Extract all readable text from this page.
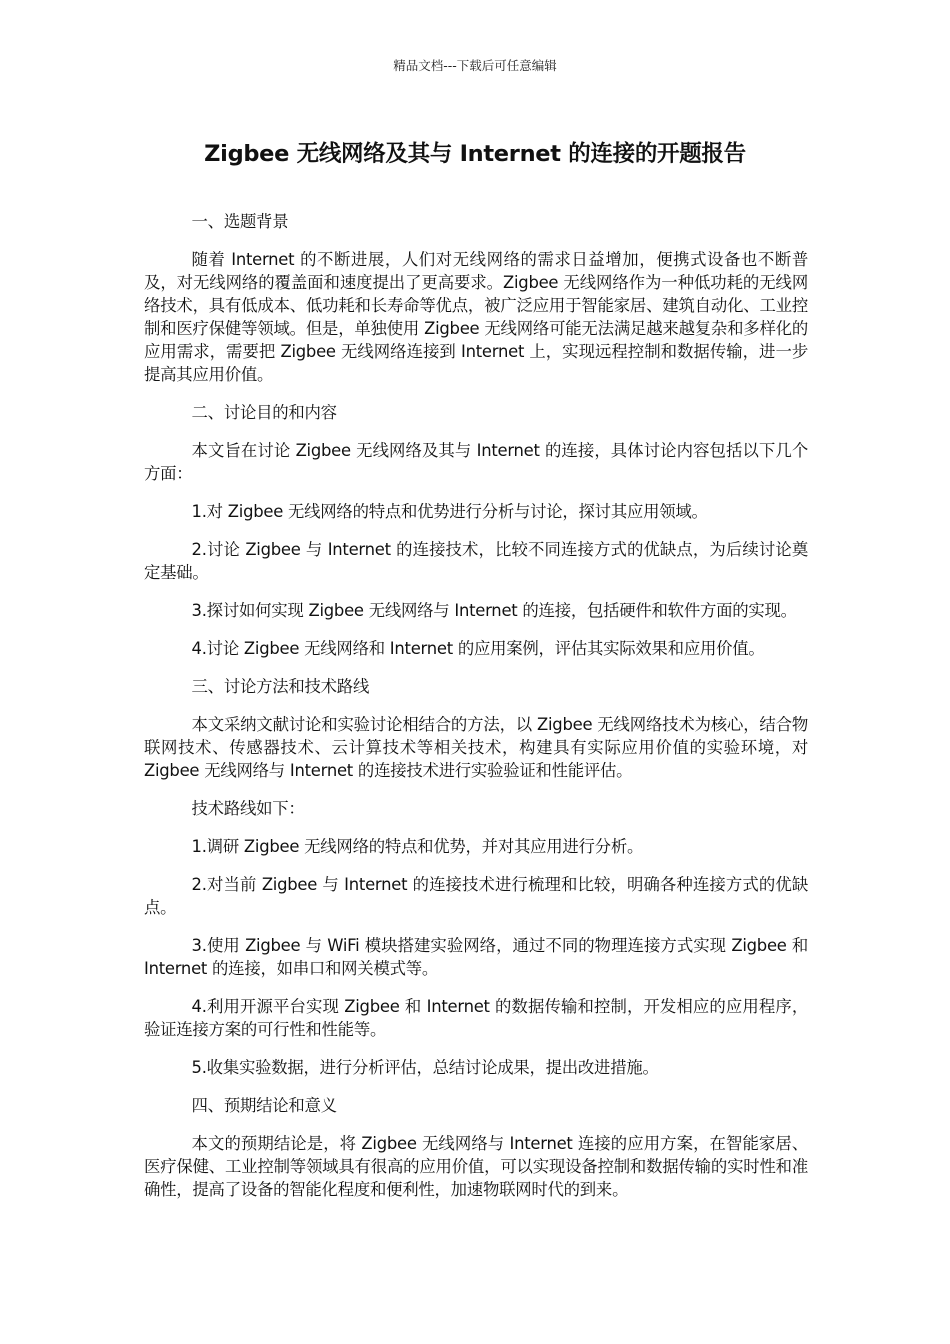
精品文档---下载后可任意编辑
Zigbee 无线网络及其与 Internet 的连接的开题报告

一、选题背景

随着 Internet 的不断进展，人们对无线网络的需求日益增加，便携式设备也不断普及，对无线网络的覆盖面和速度提出了更高要求。Zigbee 无线网络作为一种低功耗的无线网络技术，具有低成本、低功耗和长寿命等优点，被广泛应用于智能家居、建筑自动化、工业控制和医疗保健等领域。但是，单独使用 Zigbee 无线网络可能无法满足越来越复杂和多样化的应用需求，需要把 Zigbee 无线网络连接到 Internet 上，实现远程控制和数据传输，进一步提高其应用价值。

二、讨论目的和内容

本文旨在讨论 Zigbee 无线网络及其与 Internet 的连接，具体讨论内容包括以下几个方面：

1.对 Zigbee 无线网络的特点和优势进行分析与讨论，探讨其应用领域。

2.讨论 Zigbee 与 Internet 的连接技术，比较不同连接方式的优缺点，为后续讨论奠定基础。

3.探讨如何实现 Zigbee 无线网络与 Internet 的连接，包括硬件和软件方面的实现。

4.讨论 Zigbee 无线网络和 Internet 的应用案例，评估其实际效果和应用价值。

三、讨论方法和技术路线

本文采纳文献讨论和实验讨论相结合的方法，以 Zigbee 无线网络技术为核心，结合物联网技术、传感器技术、云计算技术等相关技术，构建具有实际应用价值的实验环境，对 Zigbee 无线网络与 Internet 的连接技术进行实验验证和性能评估。

技术路线如下：

1.调研 Zigbee 无线网络的特点和优势，并对其应用进行分析。

2.对当前 Zigbee 与 Internet 的连接技术进行梳理和比较，明确各种连接方式的优缺点。

3.使用 Zigbee 与 WiFi 模块搭建实验网络，通过不同的物理连接方式实现 Zigbee 和 Internet 的连接，如串口和网关模式等。

4.利用开源平台实现 Zigbee 和 Internet 的数据传输和控制，开发相应的应用程序，验证连接方案的可行性和性能等。

5.收集实验数据，进行分析评估，总结讨论成果，提出改进措施。

四、预期结论和意义

本文的预期结论是，将 Zigbee 无线网络与 Internet 连接的应用方案，在智能家居、医疗保健、工业控制等领域具有很高的应用价值，可以实现设备控制和数据传输的实时性和准确性，提高了设备的智能化程度和便利性，加速物联网时代的到来。
